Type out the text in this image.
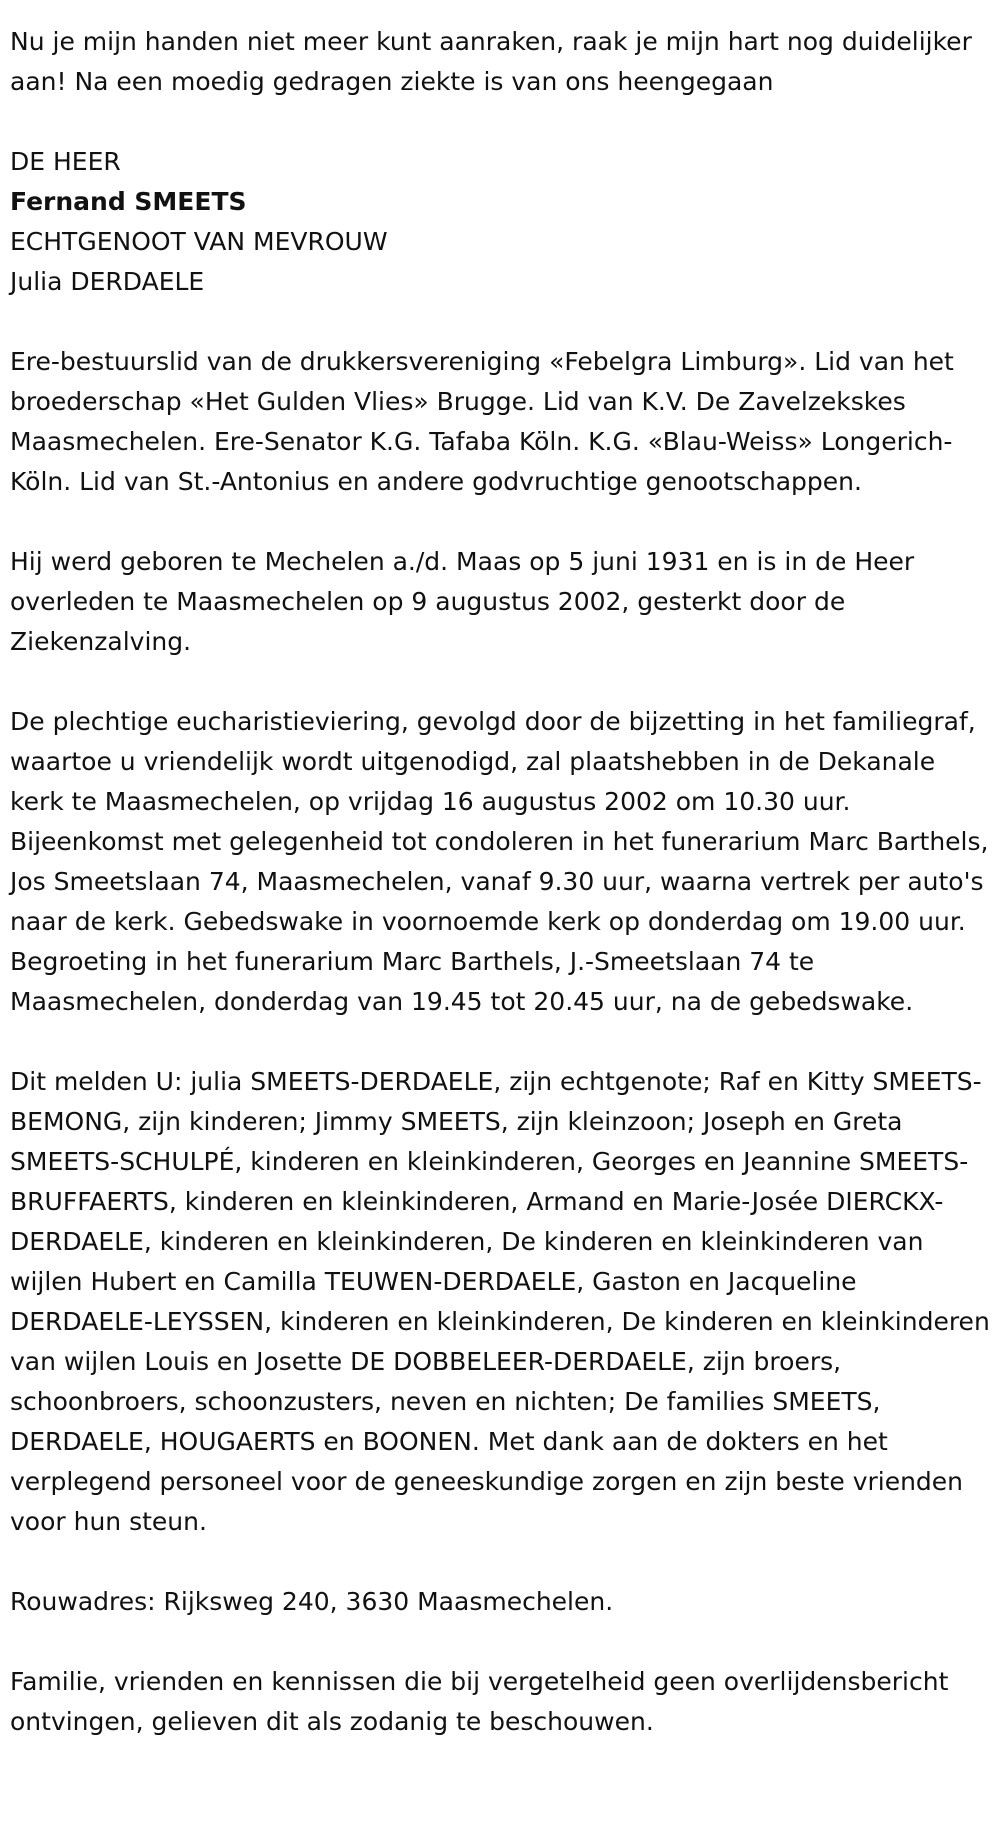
Nu je mijn handen niet meer kunt aanraken, raak je mijn hart nog duidelijker aan! Na een moedig gedragen ziekte is van ons heengegaan

DE HEER

Fernand SMEETS

ECHTGENOOT VAN MEVROUW

Julia DERDAELE

Ere-bestuurslid van de drukkersvereniging «Febelgra Limburg». Lid van het broederschap «Het Gulden Vlies» Brugge. Lid van K.V. De Zavelzekskes Maasmechelen. Ere-Senator K.G. Tafaba Köln. K.G. «Blau-Weiss» Longerich-Köln. Lid van St.-Antonius en andere godvruchtige genootschappen.

Hij werd geboren te Mechelen a./d. Maas op 5 juni 1931 en is in de Heer overleden te Maasmechelen op 9 augustus 2002, gesterkt door de Ziekenzalving.

De plechtige eucharistieviering, gevolgd door de bijzetting in het familiegraf, waartoe u vriendelijk wordt uitgenodigd, zal plaatshebben in de Dekanale kerk te Maasmechelen, op vrijdag 16 augustus 2002 om 10.30 uur. Bijeenkomst met gelegenheid tot condoleren in het funerarium Marc Barthels, Jos Smeetslaan 74, Maasmechelen, vanaf 9.30 uur, waarna vertrek per auto's naar de kerk. Gebedswake in voornoemde kerk op donderdag om 19.00 uur. Begroeting in het funerarium Marc Barthels, J.-Smeetslaan 74 te Maasmechelen, donderdag van 19.45 tot 20.45 uur, na de gebedswake.

Dit melden U: julia SMEETS-DERDAELE, zijn echtgenote; Raf en Kitty SMEETS-BEMONG, zijn kinderen; Jimmy SMEETS, zijn kleinzoon; Joseph en Greta SMEETS-SCHULPÉ, kinderen en kleinkinderen, Georges en Jeannine SMEETS-BRUFFAERTS, kinderen en kleinkinderen, Armand en Marie-Josée DIERCKX-DERDAELE, kinderen en kleinkinderen, De kinderen en kleinkinderen van wijlen Hubert en Camilla TEUWEN-DERDAELE, Gaston en Jacqueline DERDAELE-LEYSSEN, kinderen en kleinkinderen, De kinderen en kleinkinderen van wijlen Louis en Josette DE DOBBELEER-DERDAELE, zijn broers, schoonbroers, schoonzusters, neven en nichten; De families SMEETS, DERDAELE, HOUGAERTS en BOONEN. Met dank aan de dokters en het verplegend personeel voor de geneeskundige zorgen en zijn beste vrienden voor hun steun.

Rouwadres: Rijksweg 240, 3630 Maasmechelen.

Familie, vrienden en kennissen die bij vergetelheid geen overlijdensbericht ontvingen, gelieven dit als zodanig te beschouwen.
